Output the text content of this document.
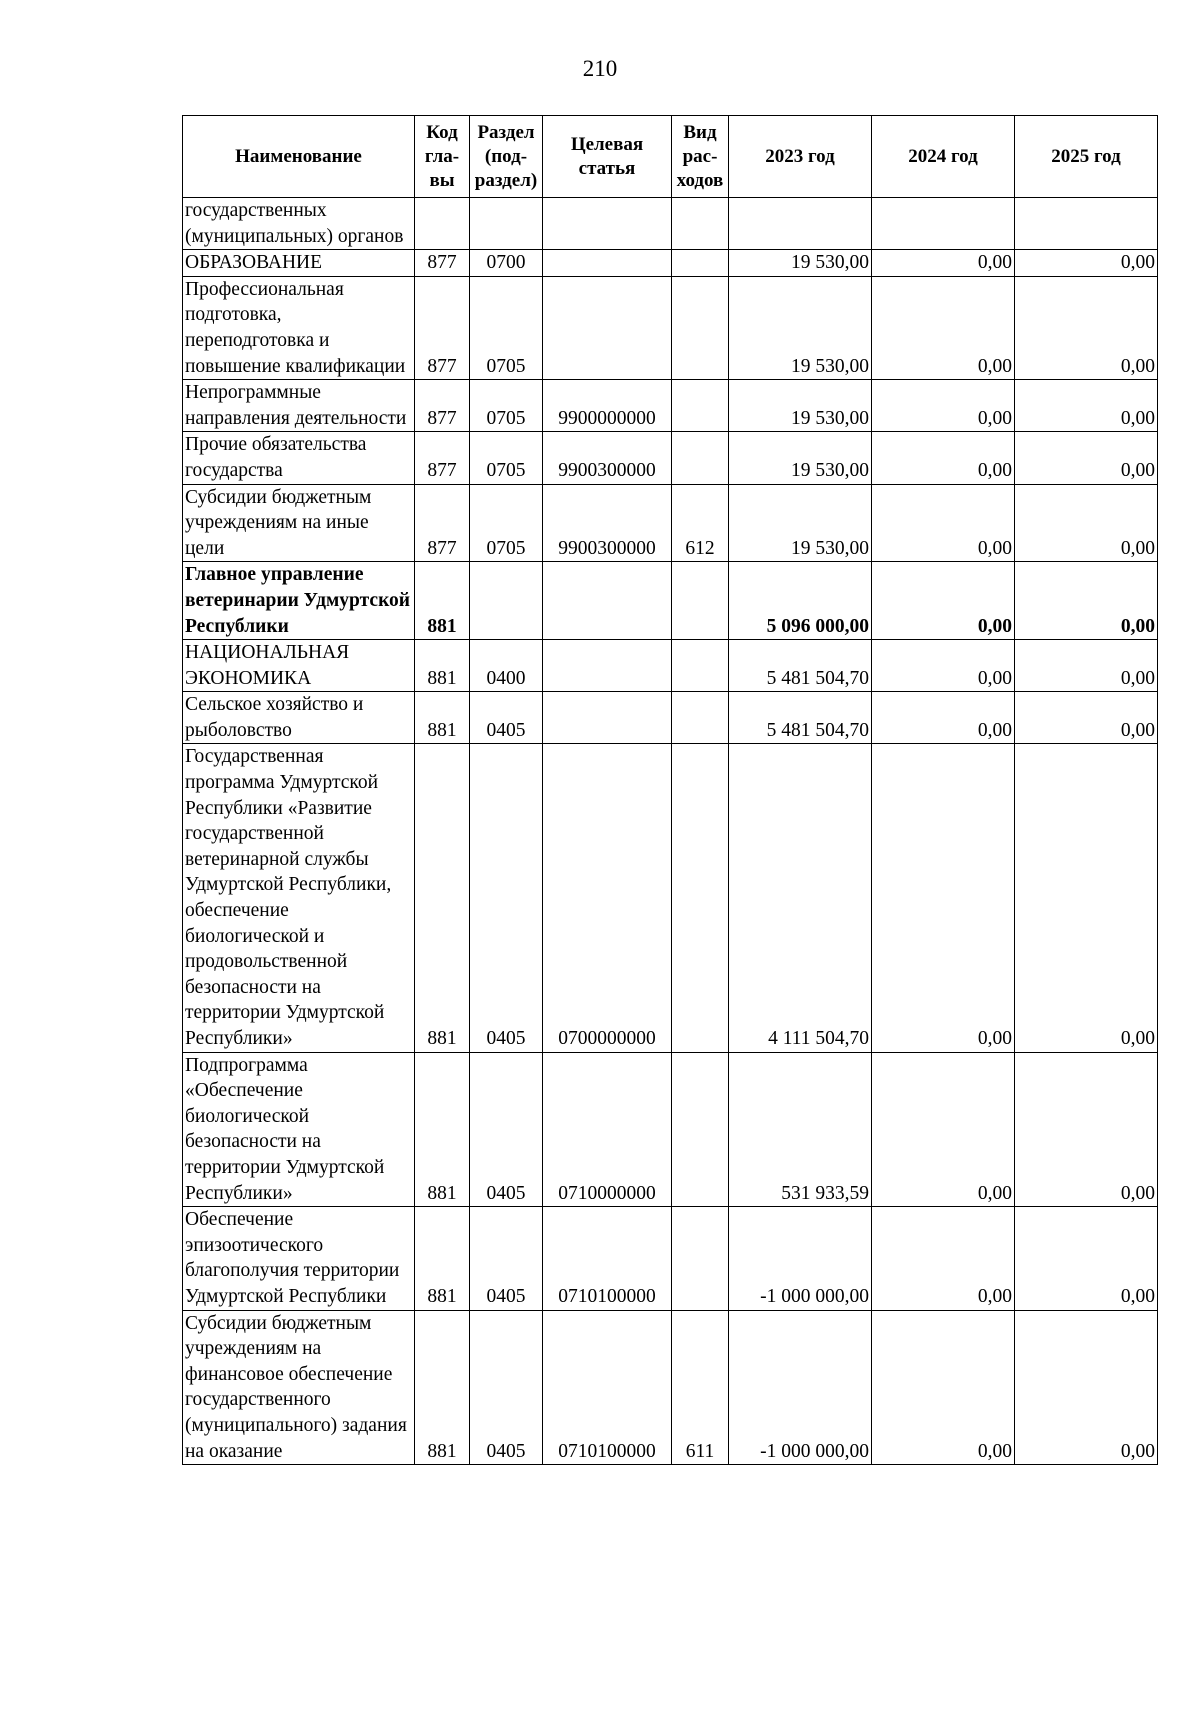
210
Наименование	Код гла- вы	Раздел (под- раздел)	Целевая статья	Вид рас- ходов	2023 год	2024 год	2025 год
государственных (муниципальных) органов							
ОБРАЗОВАНИЕ	877	0700			19 530,00	0,00	0,00
Профессиональная подготовка, переподготовка и повышение квалификации	877	0705			19 530,00	0,00	0,00
Непрограммные направления деятельности	877	0705	9900000000		19 530,00	0,00	0,00
Прочие обязательства государства	877	0705	9900300000		19 530,00	0,00	0,00
Субсидии бюджетным учреждениям на иные цели	877	0705	9900300000	612	19 530,00	0,00	0,00
Главное управление ветеринарии Удмуртской Республики	881				5 096 000,00	0,00	0,00
НАЦИОНАЛЬНАЯ ЭКОНОМИКА	881	0400			5 481 504,70	0,00	0,00
Сельское хозяйство и рыболовство	881	0405			5 481 504,70	0,00	0,00
Государственная программа Удмуртской Республики «Развитие государственной ветеринарной службы Удмуртской Республики, обеспечение биологической и продовольственной безопасности на территории Удмуртской Республики»	881	0405	0700000000		4 111 504,70	0,00	0,00
Подпрограмма «Обеспечение биологической безопасности на территории Удмуртской Республики»	881	0405	0710000000		531 933,59	0,00	0,00
Обеспечение эпизоотического благополучия территории Удмуртской Республики	881	0405	0710100000		-1 000 000,00	0,00	0,00
Субсидии бюджетным учреждениям на финансовое обеспечение государственного (муниципального) задания на оказание	881	0405	0710100000	611	-1 000 000,00	0,00	0,00
